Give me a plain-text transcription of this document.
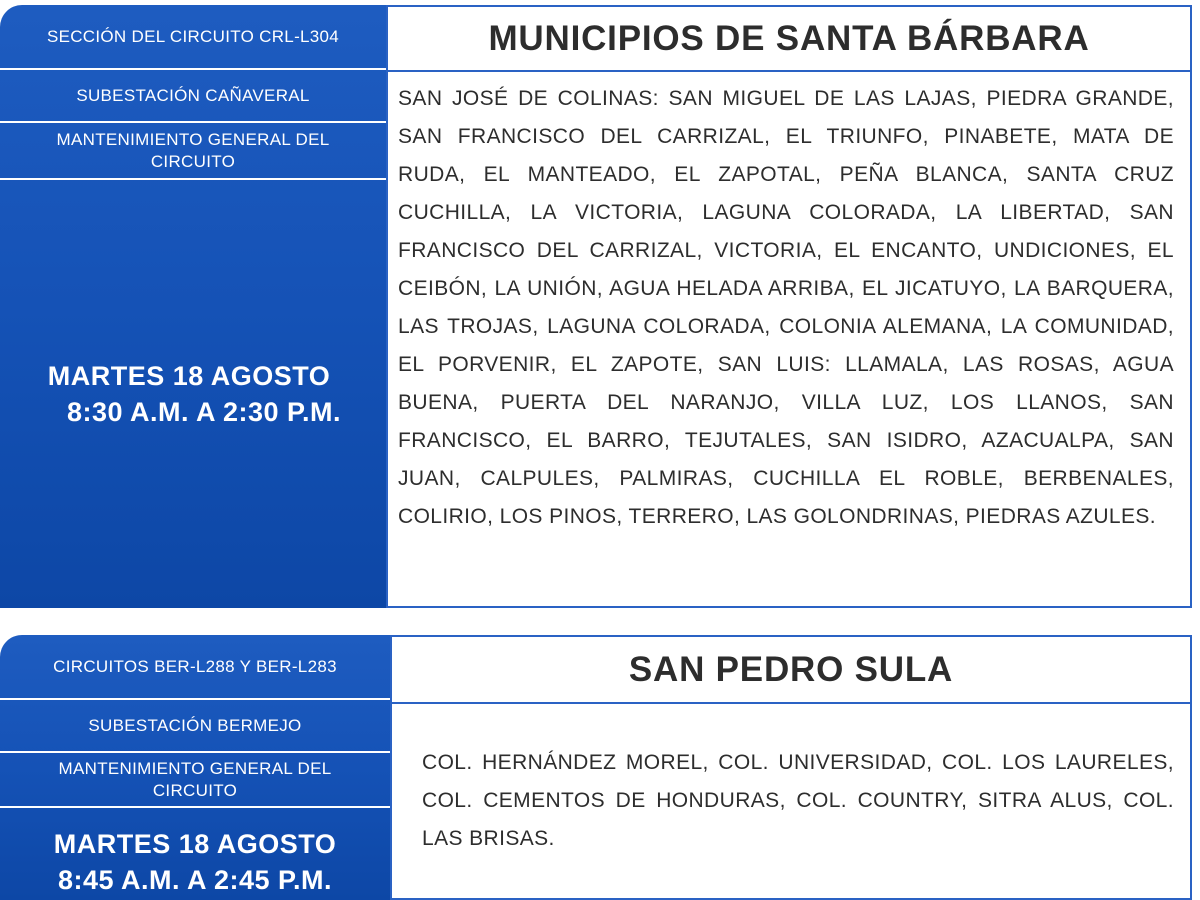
SECCIÓN DEL CIRCUITO CRL-L304
SUBESTACIÓN CAÑAVERAL
MANTENIMIENTO GENERAL DEL CIRCUITO
MARTES 18 AGOSTO
8:30 A.M. A 2:30 P.M.
MUNICIPIOS DE SANTA BÁRBARA
SAN JOSÉ DE COLINAS: SAN MIGUEL DE LAS LAJAS, PIEDRA GRANDE, SAN FRANCISCO DEL CARRIZAL, EL TRIUNFO, PINABETE, MATA DE RUDA, EL MANTEADO, EL ZAPOTAL, PEÑA BLANCA, SANTA CRUZ CUCHILLA, LA VICTORIA, LAGUNA COLORADA, LA LIBERTAD, SAN FRANCISCO DEL CARRIZAL, VICTORIA, EL ENCANTO, UNDICIONES, EL CEIBÓN, LA UNIÓN, AGUA HELADA ARRIBA, EL JICATUYO, LA BARQUERA, LAS TROJAS, LAGUNA COLORADA, COLONIA ALEMANA, LA COMUNIDAD, EL PORVENIR, EL ZAPOTE, SAN LUIS: LLAMALA, LAS ROSAS, AGUA BUENA, PUERTA DEL NARANJO, VILLA LUZ, LOS LLANOS, SAN FRANCISCO, EL BARRO, TEJUTALES, SAN ISIDRO, AZACUALPA, SAN JUAN, CALPULES, PALMIRAS, CUCHILLA EL ROBLE, BERBENALES, COLIRIO, LOS PINOS, TERRERO, LAS GOLONDRINAS, PIEDRAS AZULES.
CIRCUITOS BER-L288 Y BER-L283
SUBESTACIÓN BERMEJO
MANTENIMIENTO GENERAL DEL CIRCUITO
MARTES 18 AGOSTO
8:45 A.M. A 2:45 P.M.
SAN PEDRO SULA
COL. HERNÁNDEZ MOREL, COL. UNIVERSIDAD, COL. LOS LAURELES, COL. CEMENTOS DE HONDURAS, COL. COUNTRY, SITRA ALUS, COL. LAS BRISAS.
